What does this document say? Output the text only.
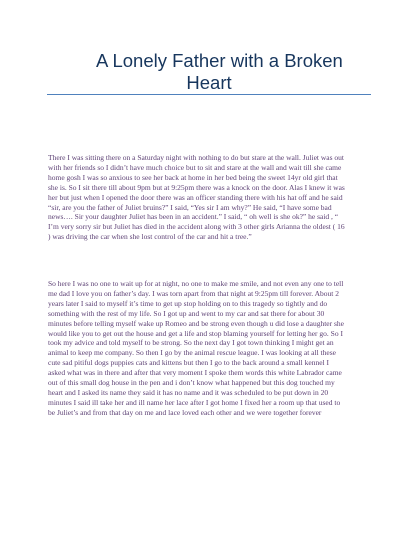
A Lonely Father with a Broken
Heart

There I was sitting there on a Saturday night with nothing to do but stare at the wall. Juliet was out
with her friends so I didn’t have much choice but to sit and stare at the wall and wait till she came
home gosh I was so anxious to see her back at home in her bed being the sweet 14yr old girl that
she is. So I sit there till about 9pm but at 9:25pm there was a knock on the door. Alas I knew it was
her but just when I opened the door there was an officer standing there with his hat off and he said
“sir, are you the father of Juliet bruins?” I said, “Yes sir I am why?” He said, “I have some bad
news…. Sir your daughter Juliet has been in an accident.” I said, “ oh well is she ok?” he said , “
I’m very sorry sir but Juliet has died in the accident along with 3 other girls Arianna the oldest ( 16
) was driving the car when she lost control of the car and hit a tree.”

So here I was no one to wait up for at night, no one to make me smile, and not even any one to tell
me dad I love you on father’s day. I was torn apart from that night at 9:25pm till forever. About 2
years later I said to myself it’s time to get up stop holding on to this tragedy so tightly and do
something with the rest of my life. So I got up and went to my car and sat there for about 30
minutes before telling myself wake up Romeo and be strong even though u did lose a daughter she
would like you to get out the house and get a life and stop blaming yourself for letting her go. So I
took my advice and told myself to be strong. So the next day I got town thinking I might get an
animal to keep me company. So then I go by the animal rescue league. I was looking at all these
cute sad pitiful dogs puppies cats and kittens but then I go to the back around a small kennel I
asked what was in there and after that very moment I spoke them words this white Labrador came
out of this small dog house in the pen and i don’t know what happened but this dog touched my
heart and I asked its name they said it has no name and it was scheduled to be put down in 20
minutes I said ill take her and ill name her lace after I got home I fixed her a room up that used to
be Juliet’s and from that day on me and lace loved each other and we were together forever
